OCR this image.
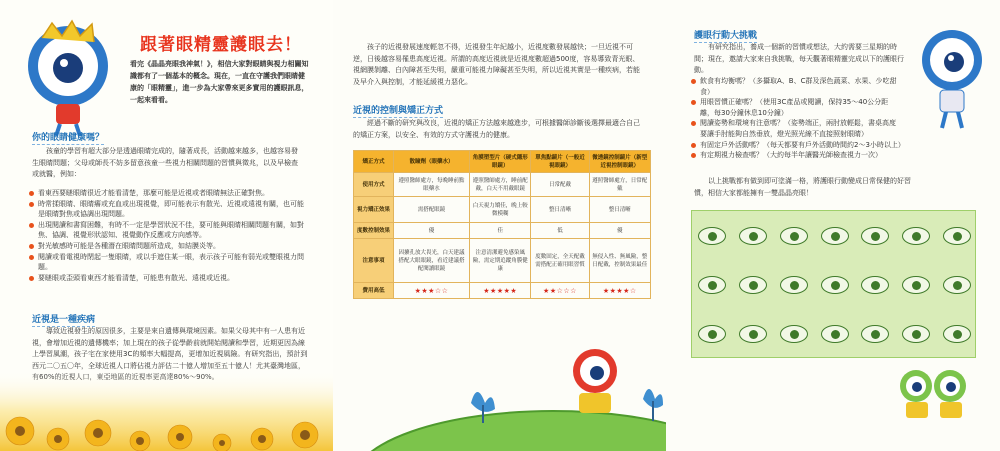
跟著眼精靈護眼去！
看完《晶晶亮眼我神氣！》，相信大家對眼睛與視力相關知識都有了一個基本的概念。現在，一直在守護我們眼睛健康的「眼精靈」，進一步為大家帶來更多實用的護眼訊息，一起來看看。
你的眼睛健康嗎？
孩童的學習有超大部分是透過眼睛完成的，隨著成長，活動越來越多，也越容易發生眼睛問題；父母或師長不妨多留意孩童一些視力相關問題的習慣與徵兆，以及早檢查或就醫，例如：
看東西要瞇眼睛很近才能看清楚，那麼可能是近視或者眼睛無法正確對焦。
時常揉眼睛、眼睛癢或充血或出現視覺，即可能表示有散光、近視或遠視有關，也可能是眼睛對焦或協調出現問題。
出現閱讀和書寫困難，有時不一定是學習狀況不佳，要可能與眼睛相關問題有關，如對焦、協調、視覺形狀認知、視覺動作反應或方向感等。
對光敏感時可能是各種潛在眼睛問題所造成，如結膜炎等。
閱讀或看電視時閉起一隻眼睛，或以手遮住某一眼，表示孩子可能有弱光或雙眼視力問題。
要瞇眼或歪頭看東西才能看清楚，可能患有散光、遠視或近視。
近視是一種疾病
導致近視發生的原因很多，主要是來自遺傳與環境因素。如果父母其中有一人患有近視，會增加近視的遺傳機率；加上現在的孩子從學齡前就開始閱讀和學習，近期更因為線上學習風潮，孩子宅在家使用3C的頻率大幅提高，更增加近視風險。有研究指出，預計到西元二〇五〇年，全球近視人口將佔視力評估二十億人增加至五十億人！尤其臺灣地區，
孩子的近視發展速度輕忽不得，近視發生年紀越小，近視度數發展越快；一旦近視不可逆，日後越容易罹患高度近視。所謂的高度近視就是近視度數超過500度，容易導致青光眼、視網膜剝離、白內障甚至失明，嚴重可能視力障礙甚至失明，所以近視其實是一種疾病，若能及早介入與控制，才能延緩視力惡化。
近視的控制與矯正方式
經過不斷的研究與改良，近視的矯正方法越來越進步，可根據醫師診斷後選擇最適合自己的矯正方案，以安全、有效的方式守護視力的健康。
矯正方式	散瞳劑（眼藥水）	角膜塑型片（硬式隱形眼鏡）	單焦點鏡片（一般近視眼鏡）	微透鏡控制鏡片（新型近視控制眼鏡）
使用方式	遵照醫師處方，每晚睡前點眼藥水	遵照醫師處方，睡前配戴，白天不用戴眼鏡	日常配戴	遵照醫師處方，日常配戴
視力矯正效果	需搭配眼鏡	白天視力矯佳，晚上較微模糊	整日清晰	整日清晰
度數控制效果	優	佳	低	優
注意事項	因擴孔放大畏光，白天建議搭配大眼眼鏡，看近建議搭配閱讀眼鏡	注意清潔避免感染風險，需定期追蹤角膜健康	度數固定，全天配戴需搭配正確用眼習慣	無侵入性、無風險，整日配戴，控制效果最佳
費用高低	★★★☆☆	★★★★★	★★☆☆☆	★★★★☆
護眼行動大挑戰
有研究指出，養成一個新的習慣或想法，大約需要三星期的時間；現在，邀請大家來自我挑戰，每天觀著眼精靈完成以下的護眼行動。
飲食有均衡嗎？（多攝取A、B、C群及深色蔬菜、水果、少吃甜食）
用眼習慣正確嗎？（使用3C產品或閱讀，保持35～40公分距離，每30分鐘休息10分鐘）
閱讀姿勢和環境有注意嗎？（姿勢端正，兩肘放輕鬆，書桌高度要讓手肘能夠自然垂放，燈光照光線不直接照射眼睛）
有固定戶外活動嗎？（每天都要有戶外活動時間約2～3小時以上）
有定期視力檢查嗎？（大約每半年讓醫光師檢查視力一次）
以上挑戰都有做到即可塗滿一格，將護眼行動變成日常保健的好習慣，相信大家都能擁有一雙晶晶亮眼！
